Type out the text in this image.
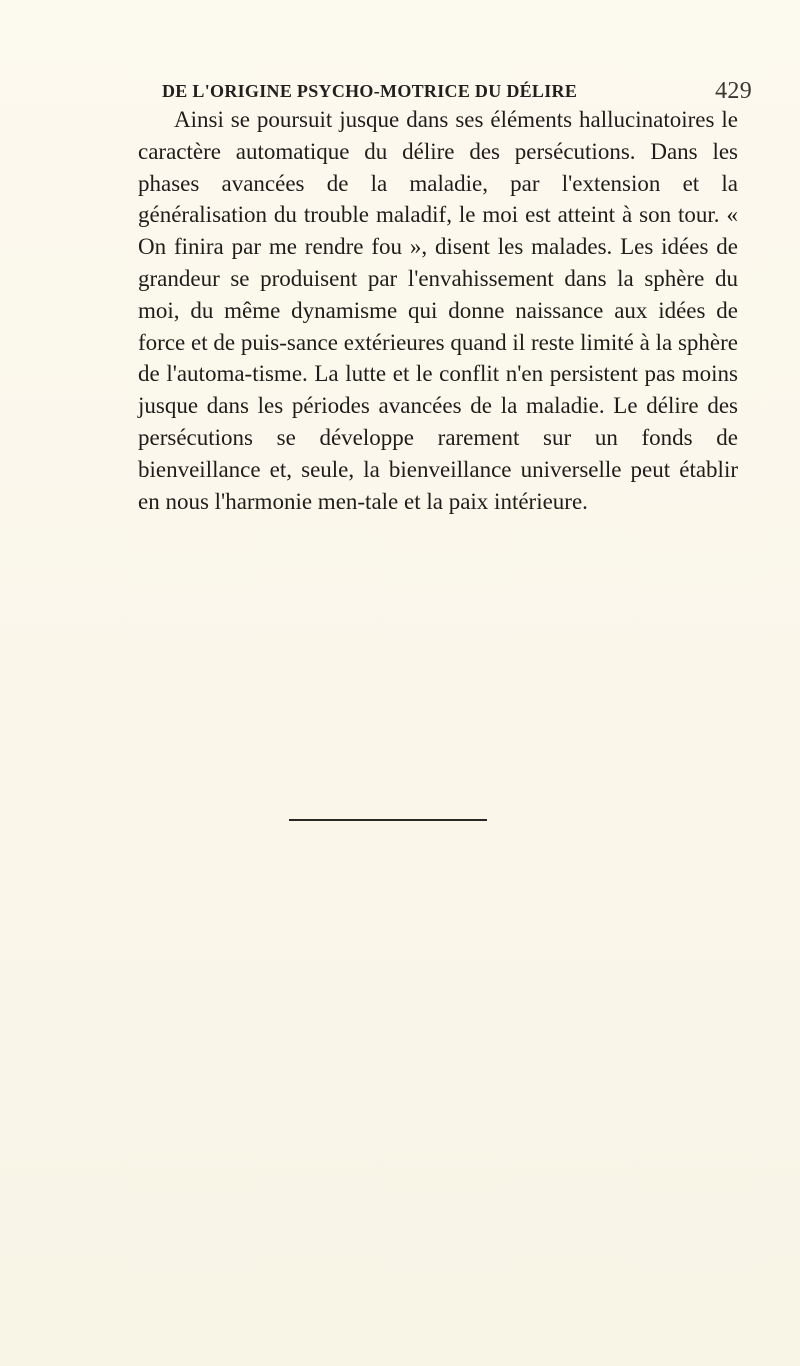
DE L'ORIGINE PSYCHO-MOTRICE DU DÉLIRE	429

Ainsi se poursuit jusque dans ses éléments hallucinatoires le caractère automatique du délire des persécutions. Dans les phases avancées de la maladie, par l'extension et la généralisation du trouble maladif, le moi est atteint à son tour. « On finira par me rendre fou », disent les malades. Les idées de grandeur se produisent par l'envahissement dans la sphère du moi, du même dynamisme qui donne naissance aux idées de force et de puis-sance extérieures quand il reste limité à la sphère de l'automa-tisme. La lutte et le conflit n'en persistent pas moins jusque dans les périodes avancées de la maladie. Le délire des persécutions se développe rarement sur un fonds de bienveillance et, seule, la bienveillance universelle peut établir en nous l'harmonie men-tale et la paix intérieure.
